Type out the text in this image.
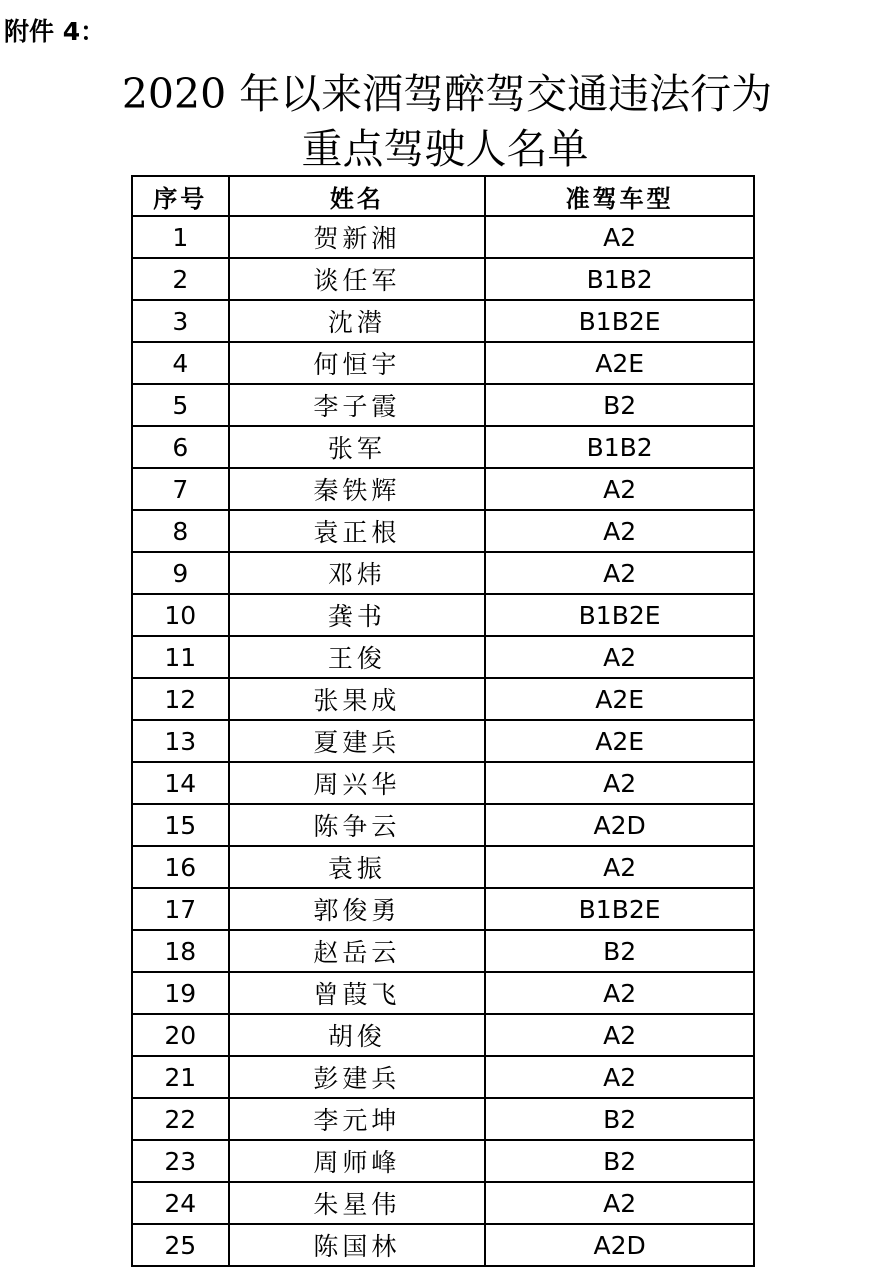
附件 4：
2020 年以来酒驾醉驾交通违法行为
重点驾驶人名单
序号	姓名	准驾车型
1	贺新湘	A2
2	谈任军	B1B2
3	沈潜	B1B2E
4	何恒宇	A2E
5	李子霞	B2
6	张军	B1B2
7	秦铁辉	A2
8	袁正根	A2
9	邓炜	A2
10	龚书	B1B2E
11	王俊	A2
12	张果成	A2E
13	夏建兵	A2E
14	周兴华	A2
15	陈争云	A2D
16	袁振	A2
17	郭俊勇	B1B2E
18	赵岳云	B2
19	曾葭飞	A2
20	胡俊	A2
21	彭建兵	A2
22	李元坤	B2
23	周师峰	B2
24	朱星伟	A2
25	陈国林	A2D
